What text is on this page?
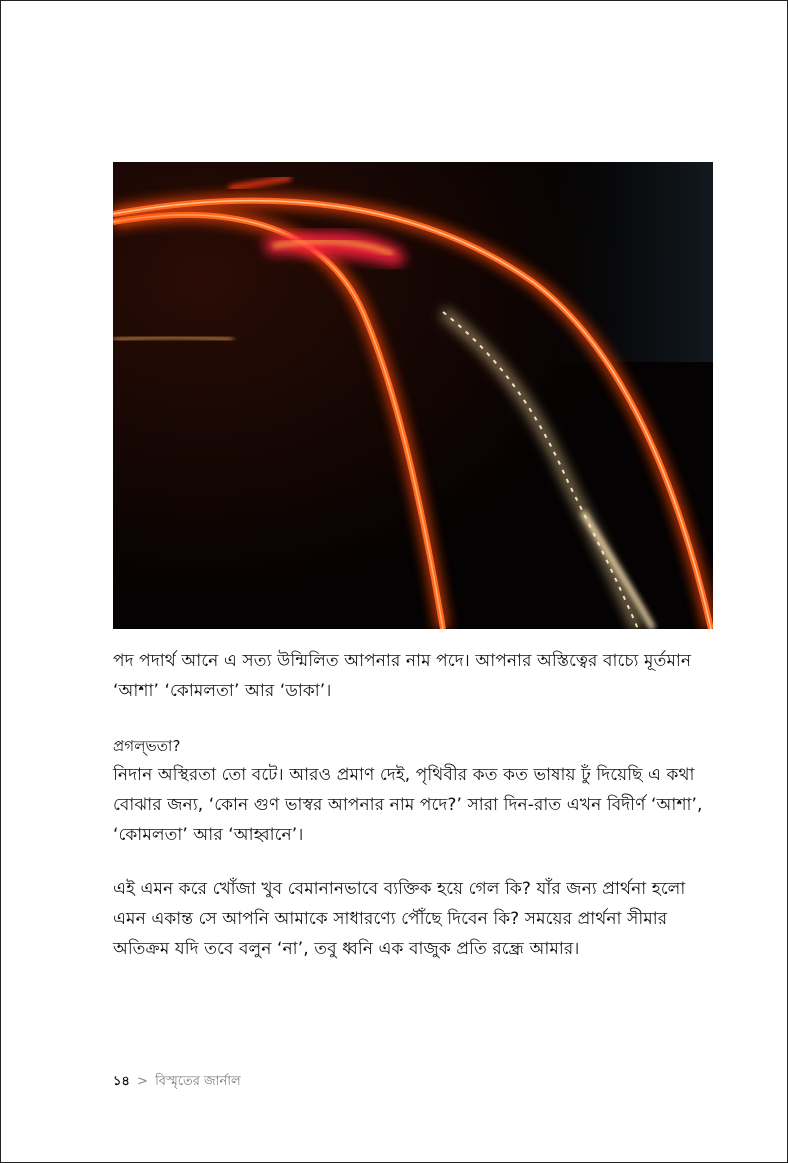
পদ পদার্থ আনে এ সত্য উন্মিলিত আপনার নাম পদে। আপনার অস্তিত্বের বাচ্যে মূর্তমান ‘আশা’ ‘কোমলতা’ আর ‘ডাকা’।

প্রগল্ভতা?

নিদান অস্থিরতা তো বটে। আরও প্রমাণ দেই, পৃথিবীর কত কত ভাষায় ঢুঁ দিয়েছি এ কথা বোঝার জন্য, ‘কোন গুণ ভাস্বর আপনার নাম পদে?’ সারা দিন-রাত এখন বিদীর্ণ ‘আশা’, ‘কোমলতা’ আর ‘আহ্বানে’।

এই এমন করে খোঁজা খুব বেমানানভাবে ব্যক্তিক হয়ে গেল কি? যাঁর জন্য প্রার্থনা হলো এমন একান্ত সে আপনি আমাকে সাধারণ্যে পৌঁছে দিবেন কি? সময়ের প্রার্থনা সীমার অতিক্রম যদি তবে বলুন ‘না’, তবু ধ্বনি এক বাজুক প্রতি রন্ধ্রে আমার।

১৪ > বিস্মৃতের জার্নাল
